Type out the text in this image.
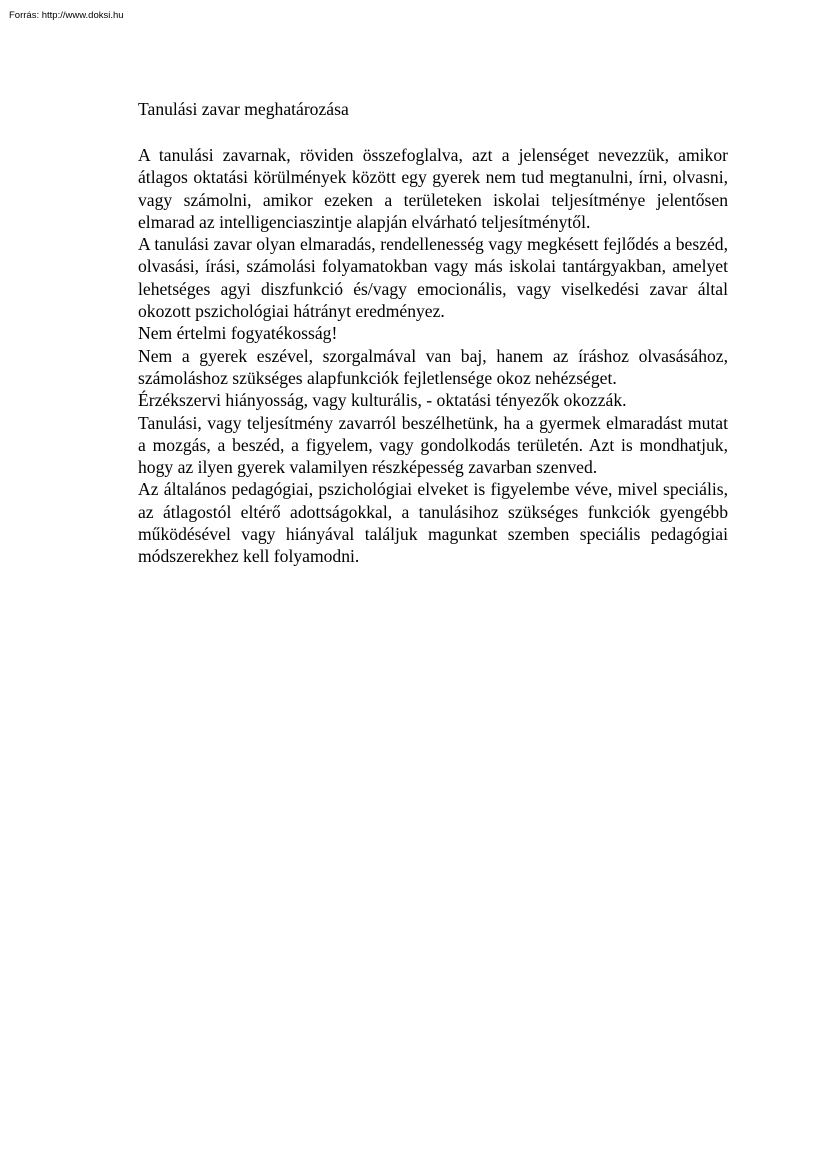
Forrás: http://www.doksi.hu
Tanulási zavar meghatározása

A tanulási zavarnak, röviden összefoglalva, azt a jelenséget nevezzük, amikor átlagos oktatási körülmények között egy gyerek nem tud megtanulni, írni, olvasni, vagy számolni, amikor ezeken a területeken iskolai teljesítménye jelentősen elmarad az intelligenciaszintje alapján elvárható teljesítménytől.

A tanulási zavar olyan elmaradás, rendellenesség vagy megkésett fejlődés a beszéd, olvasási, írási, számolási folyamatokban vagy más iskolai tantárgyakban, amelyet lehetséges agyi diszfunkció és/vagy emocionális, vagy viselkedési zavar által okozott pszichológiai hátrányt eredményez.

Nem értelmi fogyatékosság!

Nem a gyerek eszével, szorgalmával van baj, hanem az íráshoz olvasásához, számoláshoz szükséges alapfunkciók fejletlensége okoz nehézséget.

Érzékszervi hiányosság, vagy kulturális, - oktatási tényezők okozzák.

Tanulási, vagy teljesítmény zavarról beszélhetünk, ha a gyermek elmaradást mutat a mozgás, a beszéd, a figyelem, vagy gondolkodás területén. Azt is mondhatjuk, hogy az ilyen gyerek valamilyen részképesség zavarban szenved.

Az általános pedagógiai, pszichológiai elveket is figyelembe véve, mivel speciális,  az átlagostól eltérő adottságokkal, a tanulásihoz szükséges funkciók gyengébb működésével vagy hiányával találjuk magunkat szemben speciális pedagógiai módszerekhez kell folyamodni.
